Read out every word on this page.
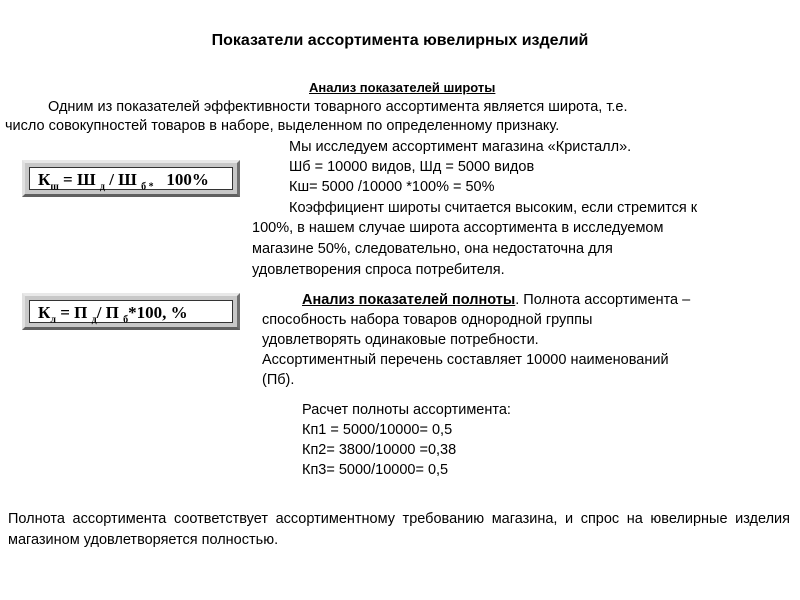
Показатели ассортимента ювелирных изделий
Анализ показателей широты
Одним из показателей эффективности товарного ассортимента является широта, т.е.
число совокупностей товаров в наборе, выделенном по определенному признаку.
Мы исследуем ассортимент магазина «Кристалл».
Шб = 10000 видов, Шд = 5000 видов
Кш= 5000 /10000 *100% = 50%
Коэффициент широты считается высоким, если стремится к
100%, в нашем случае широта ассортимента в исследуемом
магазине 50%, следовательно, она недостаточна для
удовлетворения спроса потребителя.
$К_ш = Ш$ $_д$ / Ш $_б$ $_*$ 100%
$К_л = П$ $_д$/ П $_б$*100, %
Анализ показателей полноты. Полнота ассортимента –
способность набора товаров однородной группы
удовлетворять одинаковые потребности.
Ассортиментный перечень составляет 10000 наименований
(Пб).
Расчет полноты ассортимента:
Кп1 = 5000/10000= 0,5
Кп2= 3800/10000 =0,38
Кп3= 5000/10000= 0,5
Полнота ассортимента соответствует ассортиментному требованию магазина, и спрос на ювелирные изделия магазином удовлетворяется полностью.
